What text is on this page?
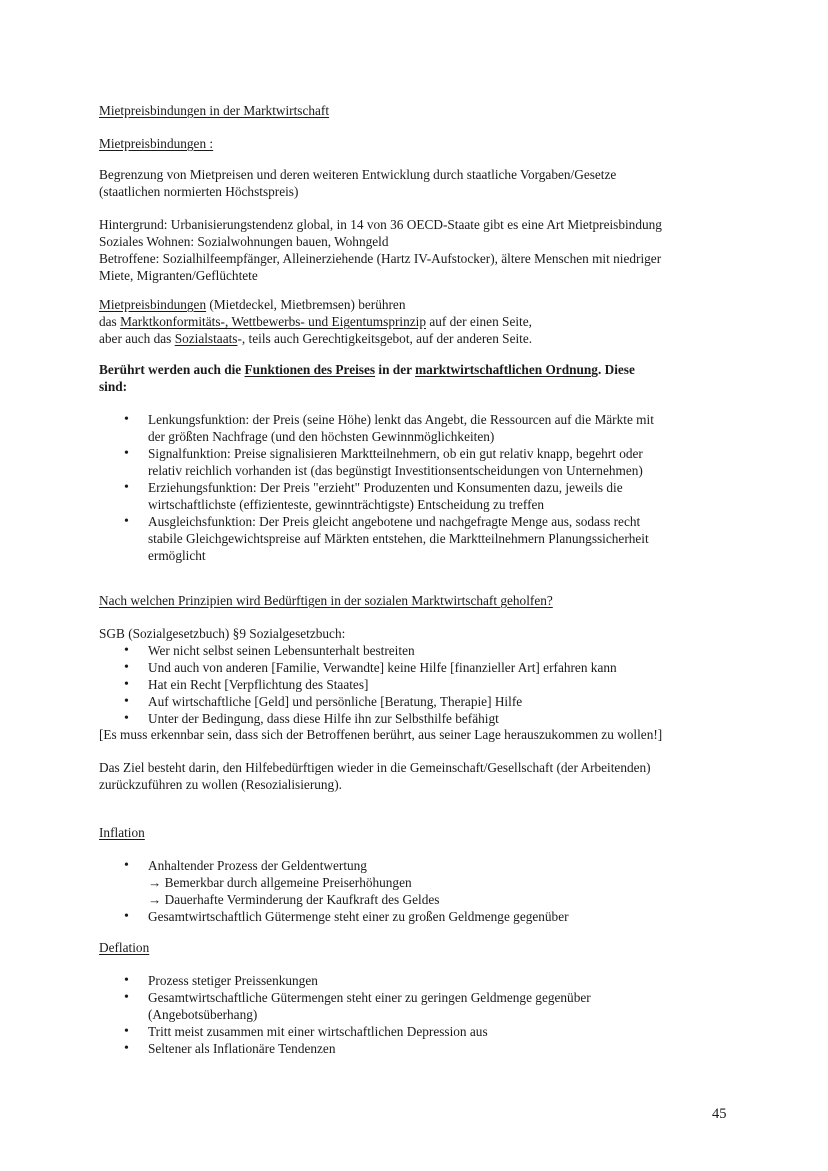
Mietpreisbindungen in der Marktwirtschaft

Mietpreisbindungen :

Begrenzung von Mietpreisen und deren weiteren Entwicklung durch staatliche Vorgaben/Gesetze

(staatlichen normierten Höchstspreis)

Hintergrund: Urbanisierungstendenz global, in 14 von 36 OECD-Staate gibt es eine Art Mietpreisbindung

Soziales Wohnen: Sozialwohnungen bauen, Wohngeld

Betroffene: Sozialhilfeempfänger, Alleinerziehende (Hartz IV-Aufstocker), ältere Menschen mit niedriger

Miete, Migranten/Geflüchtete

Mietpreisbindungen (Mietdeckel, Mietbremsen) berühren

das Marktkonformitäts-, Wettbewerbs- und Eigentumsprinzip auf der einen Seite,

aber auch das Sozialstaats-, teils auch Gerechtigkeitsgebot, auf der anderen Seite.

Berührt werden auch die Funktionen des Preises in der marktwirtschaftlichen Ordnung. Diese

sind:

• Lenkungsfunktion: der Preis (seine Höhe) lenkt das Angebt, die Ressourcen auf die Märkte mit

der größten Nachfrage (und den höchsten Gewinnmöglichkeiten)

• Signalfunktion: Preise signalisieren Marktteilnehmern, ob ein gut relativ knapp, begehrt oder

relativ reichlich vorhanden ist (das begünstigt Investitionsentscheidungen von Unternehmen)

• Erziehungsfunktion: Der Preis "erzieht" Produzenten und Konsumenten dazu, jeweils die

wirtschaftlichste (effizienteste, gewinnträchtigste) Entscheidung zu treffen

• Ausgleichsfunktion: Der Preis gleicht angebotene und nachgefragte Menge aus, sodass recht

stabile Gleichgewichtspreise auf Märkten entstehen, die Marktteilnehmern Planungssicherheit

ermöglicht

Nach welchen Prinzipien wird Bedürftigen in der sozialen Marktwirtschaft geholfen?

SGB (Sozialgesetzbuch) §9 Sozialgesetzbuch:

• Wer nicht selbst seinen Lebensunterhalt bestreiten
• Und auch von anderen [Familie, Verwandte] keine Hilfe [finanzieller Art] erfahren kann
• Hat ein Recht [Verpflichtung des Staates]
• Auf wirtschaftliche [Geld] und persönliche [Beratung, Therapie] Hilfe
• Unter der Bedingung, dass diese Hilfe ihn zur Selbsthilfe befähigt

[Es muss erkennbar sein, dass sich der Betroffenen berührt, aus seiner Lage herauszukommen zu wollen!]

Das Ziel besteht darin, den Hilfebedürftigen wieder in die Gemeinschaft/Gesellschaft (der Arbeitenden)

zurückzuführen zu wollen (Resozialisierung).

Inflation

• Anhaltender Prozess der Geldentwertung

→ Bemerkbar durch allgemeine Preiserhöhungen

→ Dauerhafte Verminderung der Kaufkraft des Geldes

• Gesamtwirtschaftlich Gütermenge steht einer zu großen Geldmenge gegenüber

Deflation

• Prozess stetiger Preissenkungen

• Gesamtwirtschaftliche Gütermengen steht einer zu geringen Geldmenge gegenüber

(Angebotsüberhang)

• Tritt meist zusammen mit einer wirtschaftlichen Depression aus
• Seltener als Inflationäre Tendenzen
45
